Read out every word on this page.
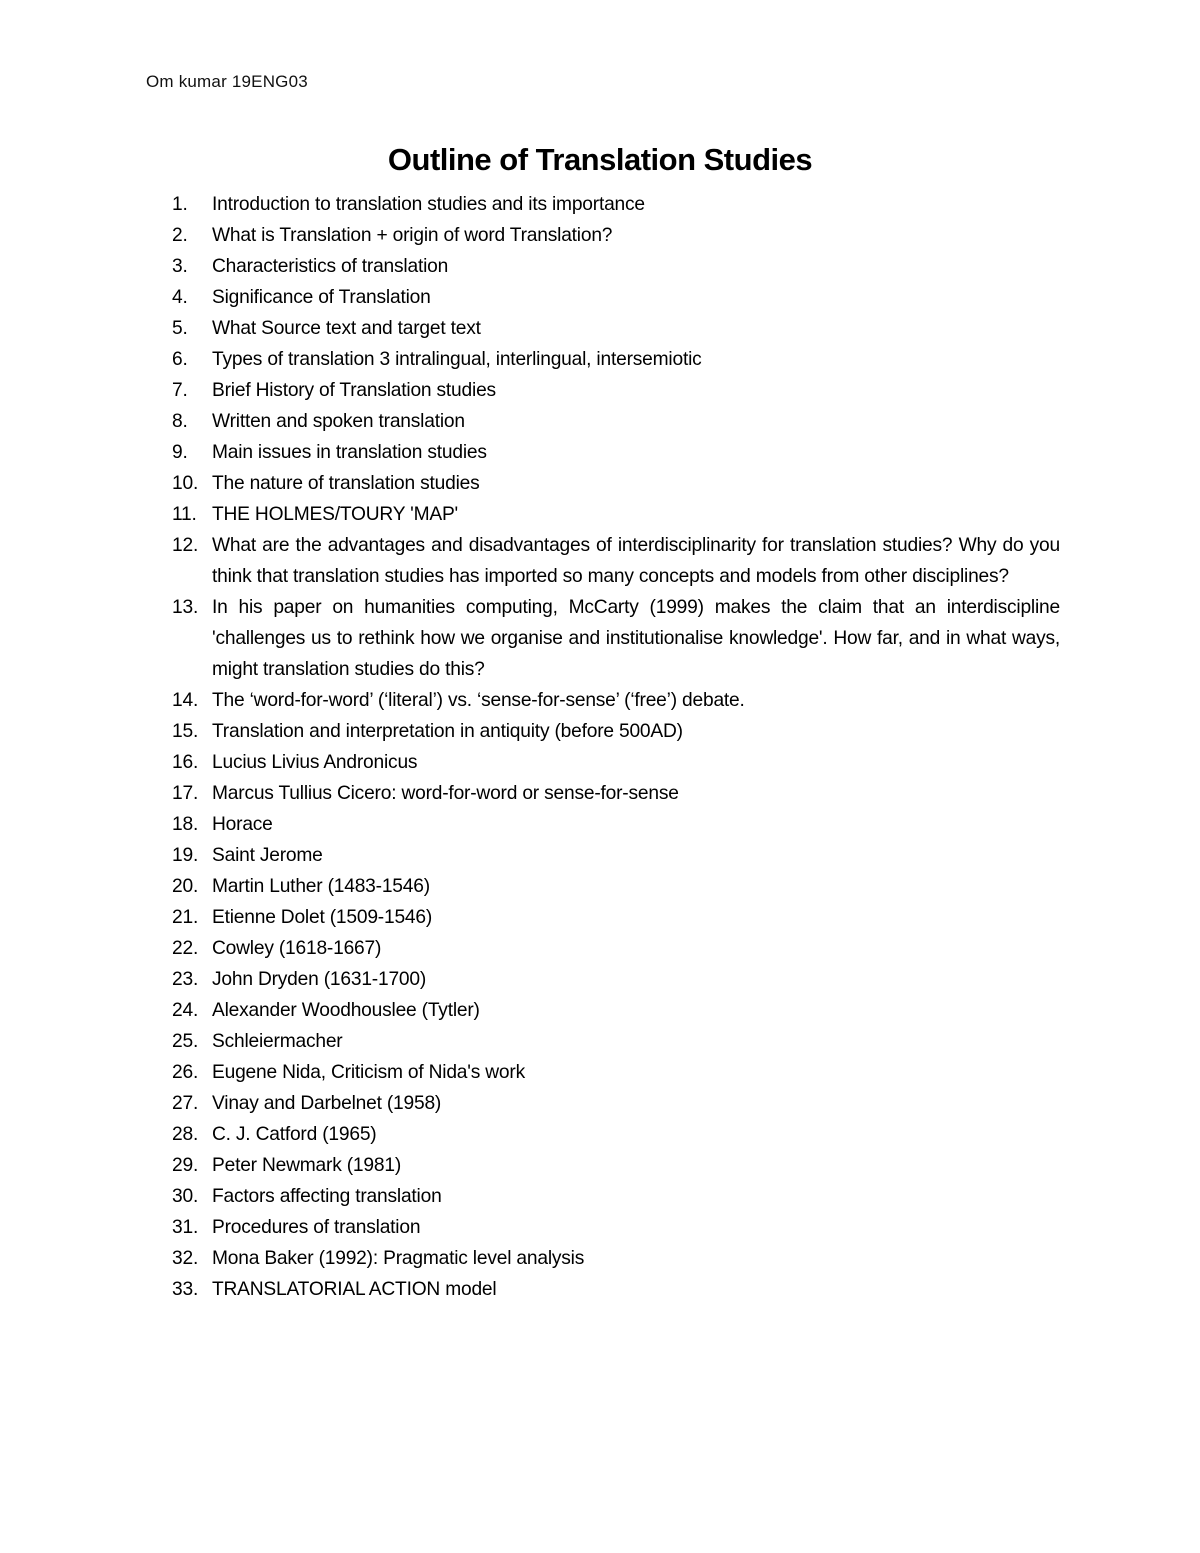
Om kumar 19ENG03
Outline of Translation Studies
1. Introduction to translation studies and its importance
2. What is Translation + origin of word Translation?
3. Characteristics of translation
4. Significance of Translation
5. What Source text and target text
6. Types of translation 3 intralingual, interlingual, intersemiotic
7. Brief History of Translation studies
8. Written and spoken translation
9. Main issues in translation studies
10. The nature of translation studies
11. THE HOLMES/TOURY 'MAP'
12. What are the advantages and disadvantages of interdisciplinarity for translation studies? Why do you think that translation studies has imported so many concepts and models from other disciplines?
13. In his paper on humanities computing, McCarty (1999) makes the claim that an interdiscipline 'challenges us to rethink how we organise and institutionalise knowledge'. How far, and in what ways, might translation studies do this?
14. The ‘word-for-word’ (‘literal’) vs. ‘sense-for-sense’ (‘free’) debate.
15. Translation and interpretation in antiquity (before 500AD)
16. Lucius Livius Andronicus
17. Marcus Tullius Cicero: word-for-word or sense-for-sense
18. Horace
19. Saint Jerome
20. Martin Luther (1483-1546)
21. Etienne Dolet (1509-1546)
22. Cowley (1618-1667)
23. John Dryden (1631-1700)
24. Alexander Woodhouslee (Tytler)
25. Schleiermacher
26. Eugene Nida, Criticism of Nida's work
27. Vinay and Darbelnet (1958)
28. C. J. Catford (1965)
29. Peter Newmark (1981)
30. Factors affecting translation
31. Procedures of translation
32. Mona Baker (1992): Pragmatic level analysis
33. TRANSLATORIAL ACTION model
